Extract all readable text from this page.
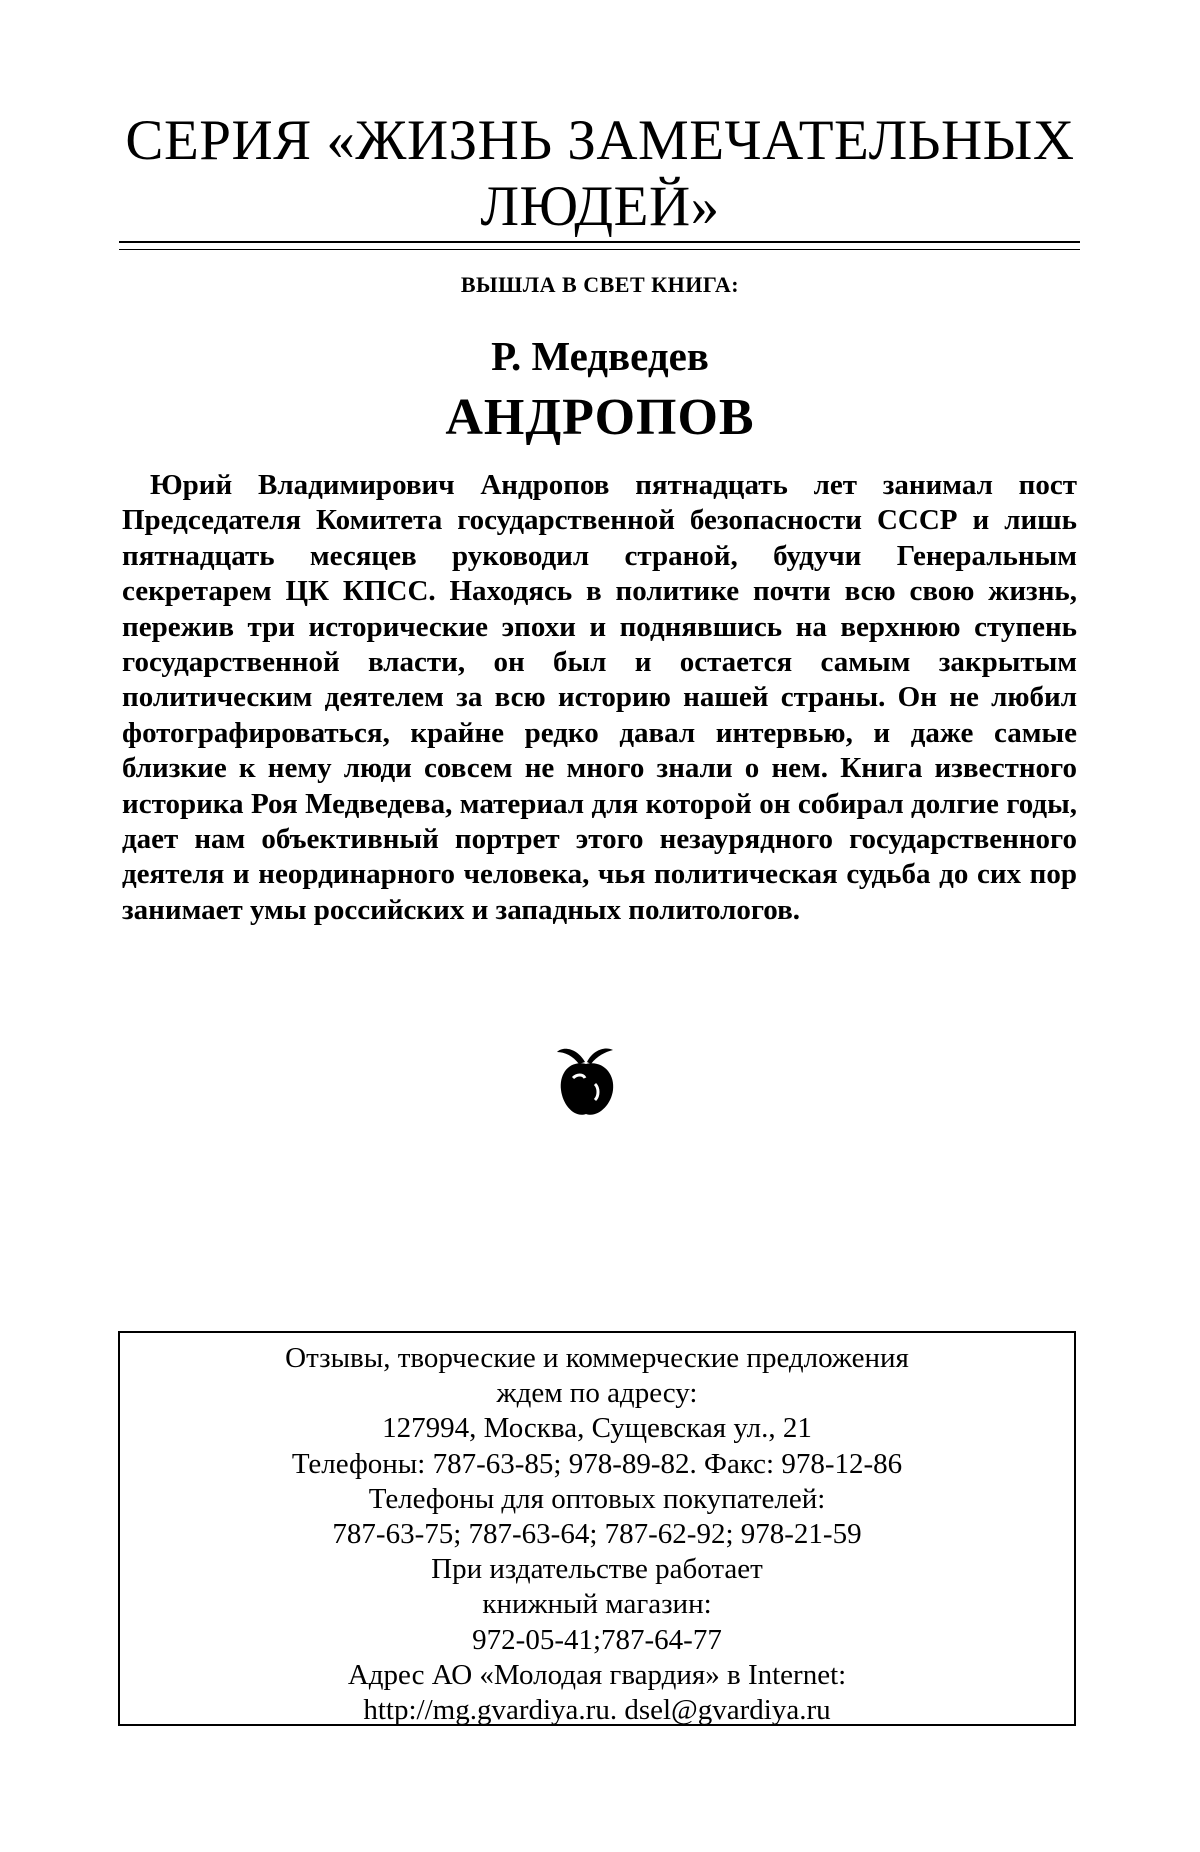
СЕРИЯ «ЖИЗНЬ ЗАМЕЧАТЕЛЬНЫХ
ЛЮДЕЙ»
ВЫШЛА В СВЕТ КНИГА:
Р. Медведев
АНДРОПОВ

Юрий Владимирович Андропов пятнадцать лет занимал пост Председателя Комитета государственной безопасности СССР и лишь пятнадцать месяцев руководил страной, будучи Генеральным секретарем ЦК КПСС. Находясь в политике почти всю свою жизнь, пережив три исторические эпохи и поднявшись на верхнюю ступень государственной власти, он был и остается самым закрытым политическим деятелем за всю историю нашей страны. Он не любил фотографироваться, крайне редко давал интервью, и даже самые близкие к нему люди совсем не много знали о нем. Книга известного историка Роя Медведева, материал для которой он собирал долгие годы, дает нам объективный портрет этого незаурядного государственного деятеля и неординарного человека, чья политическая судьба до сих пор занимает умы российских и западных политологов.

Отзывы, творческие и коммерческие предложения
ждем по адресу:
127994, Москва, Сущевская ул., 21
Телефоны: 787-63-85; 978-89-82. Факс: 978-12-86
Телефоны для оптовых покупателей:
787-63-75; 787-63-64; 787-62-92; 978-21-59
При издательстве работает
книжный магазин:
972-05-41;787-64-77
Адрес АО «Молодая гвардия» в Internet:
http://mg.gvardiya.ru. dsel@gvardiya.ru
